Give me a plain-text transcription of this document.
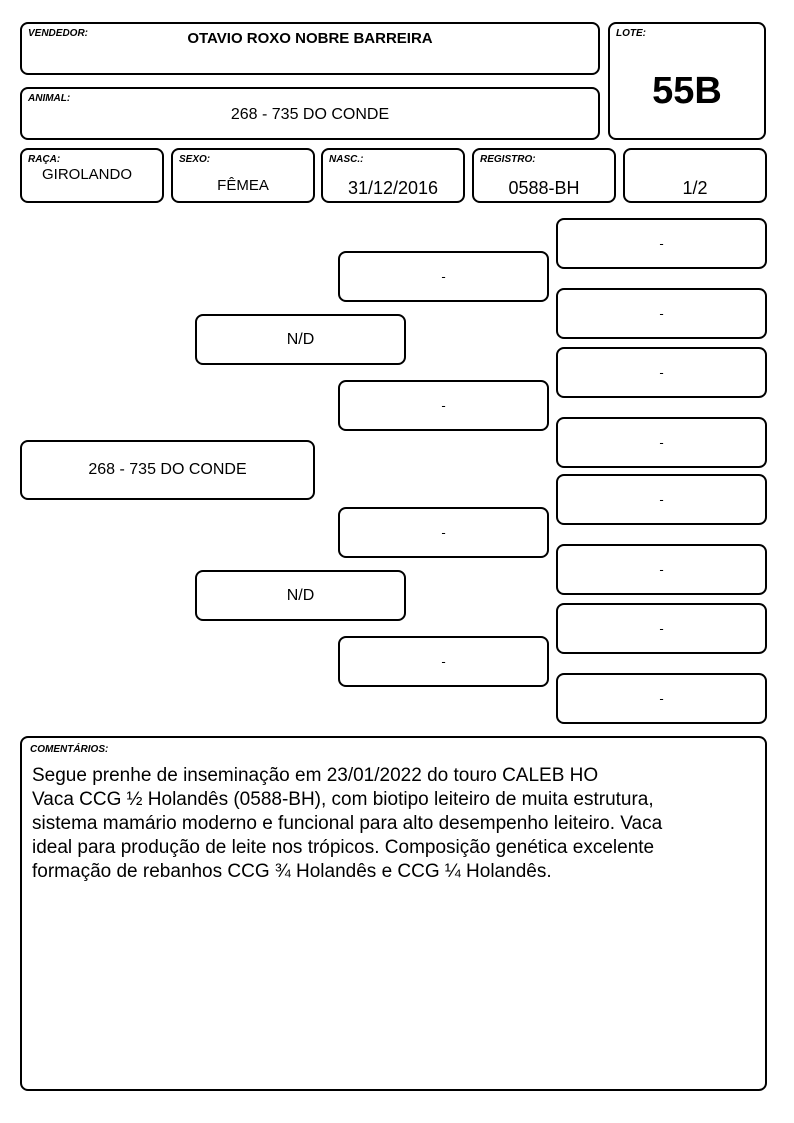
VENDEDOR:	OTAVIO ROXO NOBRE BARREIRA	LOTE:
55B
ANIMAL:
268 - 735 DO CONDE
RAÇA:
GIROLANDO
SEXO:
FÊMEA
NASC.:
31/12/2016
REGISTRO:
0588-BH	1/2
268 - 735 DO CONDE
N/D
N/D
-
-
-
-
-
-
-
-
-
-
-
-
COMENTÁRIOS:
Segue prenhe de inseminação em 23/01/2022 do touro CALEB HO
Vaca CCG ½ Holandês (0588-BH), com biotipo leiteiro de muita estrutura,
sistema mamário moderno e funcional para alto desempenho leiteiro. Vaca
ideal para produção de leite nos trópicos. Composição genética excelente
formação de rebanhos CCG ¾ Holandês e CCG ¼ Holandês.
